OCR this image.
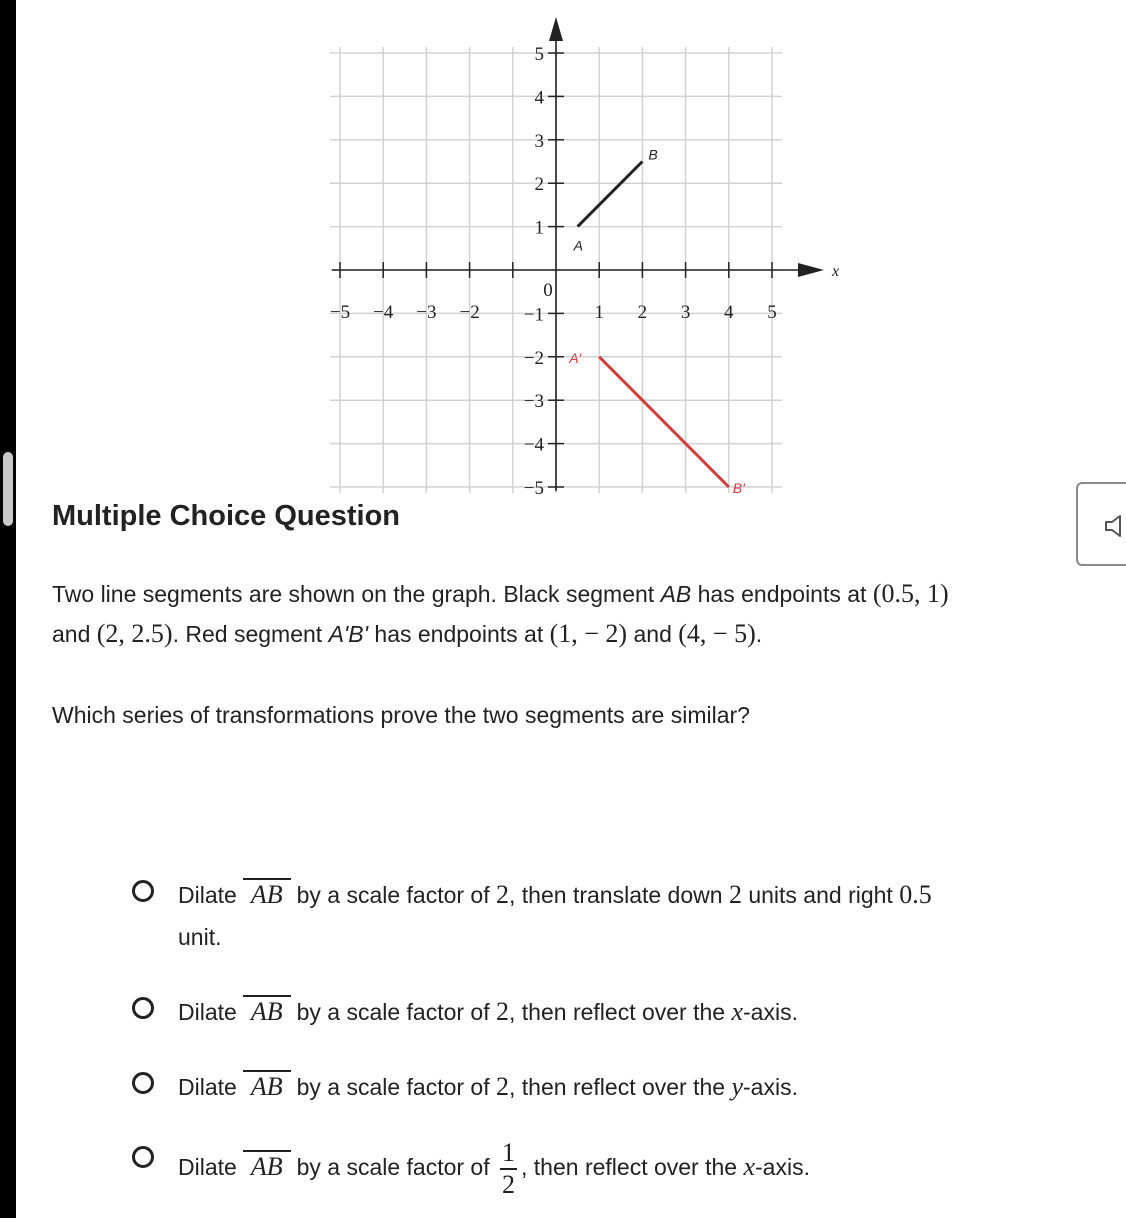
5
4
3
2
1
−1
−2
−3
−4
−5
−5 −4 −3 −2	1 2 3 4 5
0
x
A
B
A'
B'
Multiple Choice Question
Two line segments are shown on the graph. Black segment AB has endpoints at (0.5, 1)
and (2, 2.5). Red segment A'B' has endpoints at (1, − 2) and (4, − 5).
Which series of transformations prove the two segments are similar?
Dilate AB by a scale factor of 2, then translate down 2 units and right 0.5
unit.
Dilate AB by a scale factor of 2, then reflect over the x-axis.
Dilate AB by a scale factor of 2, then reflect over the y-axis.
Dilate AB by a scale factor of $\frac{1}{2}$ , then reflect over the x-axis.
